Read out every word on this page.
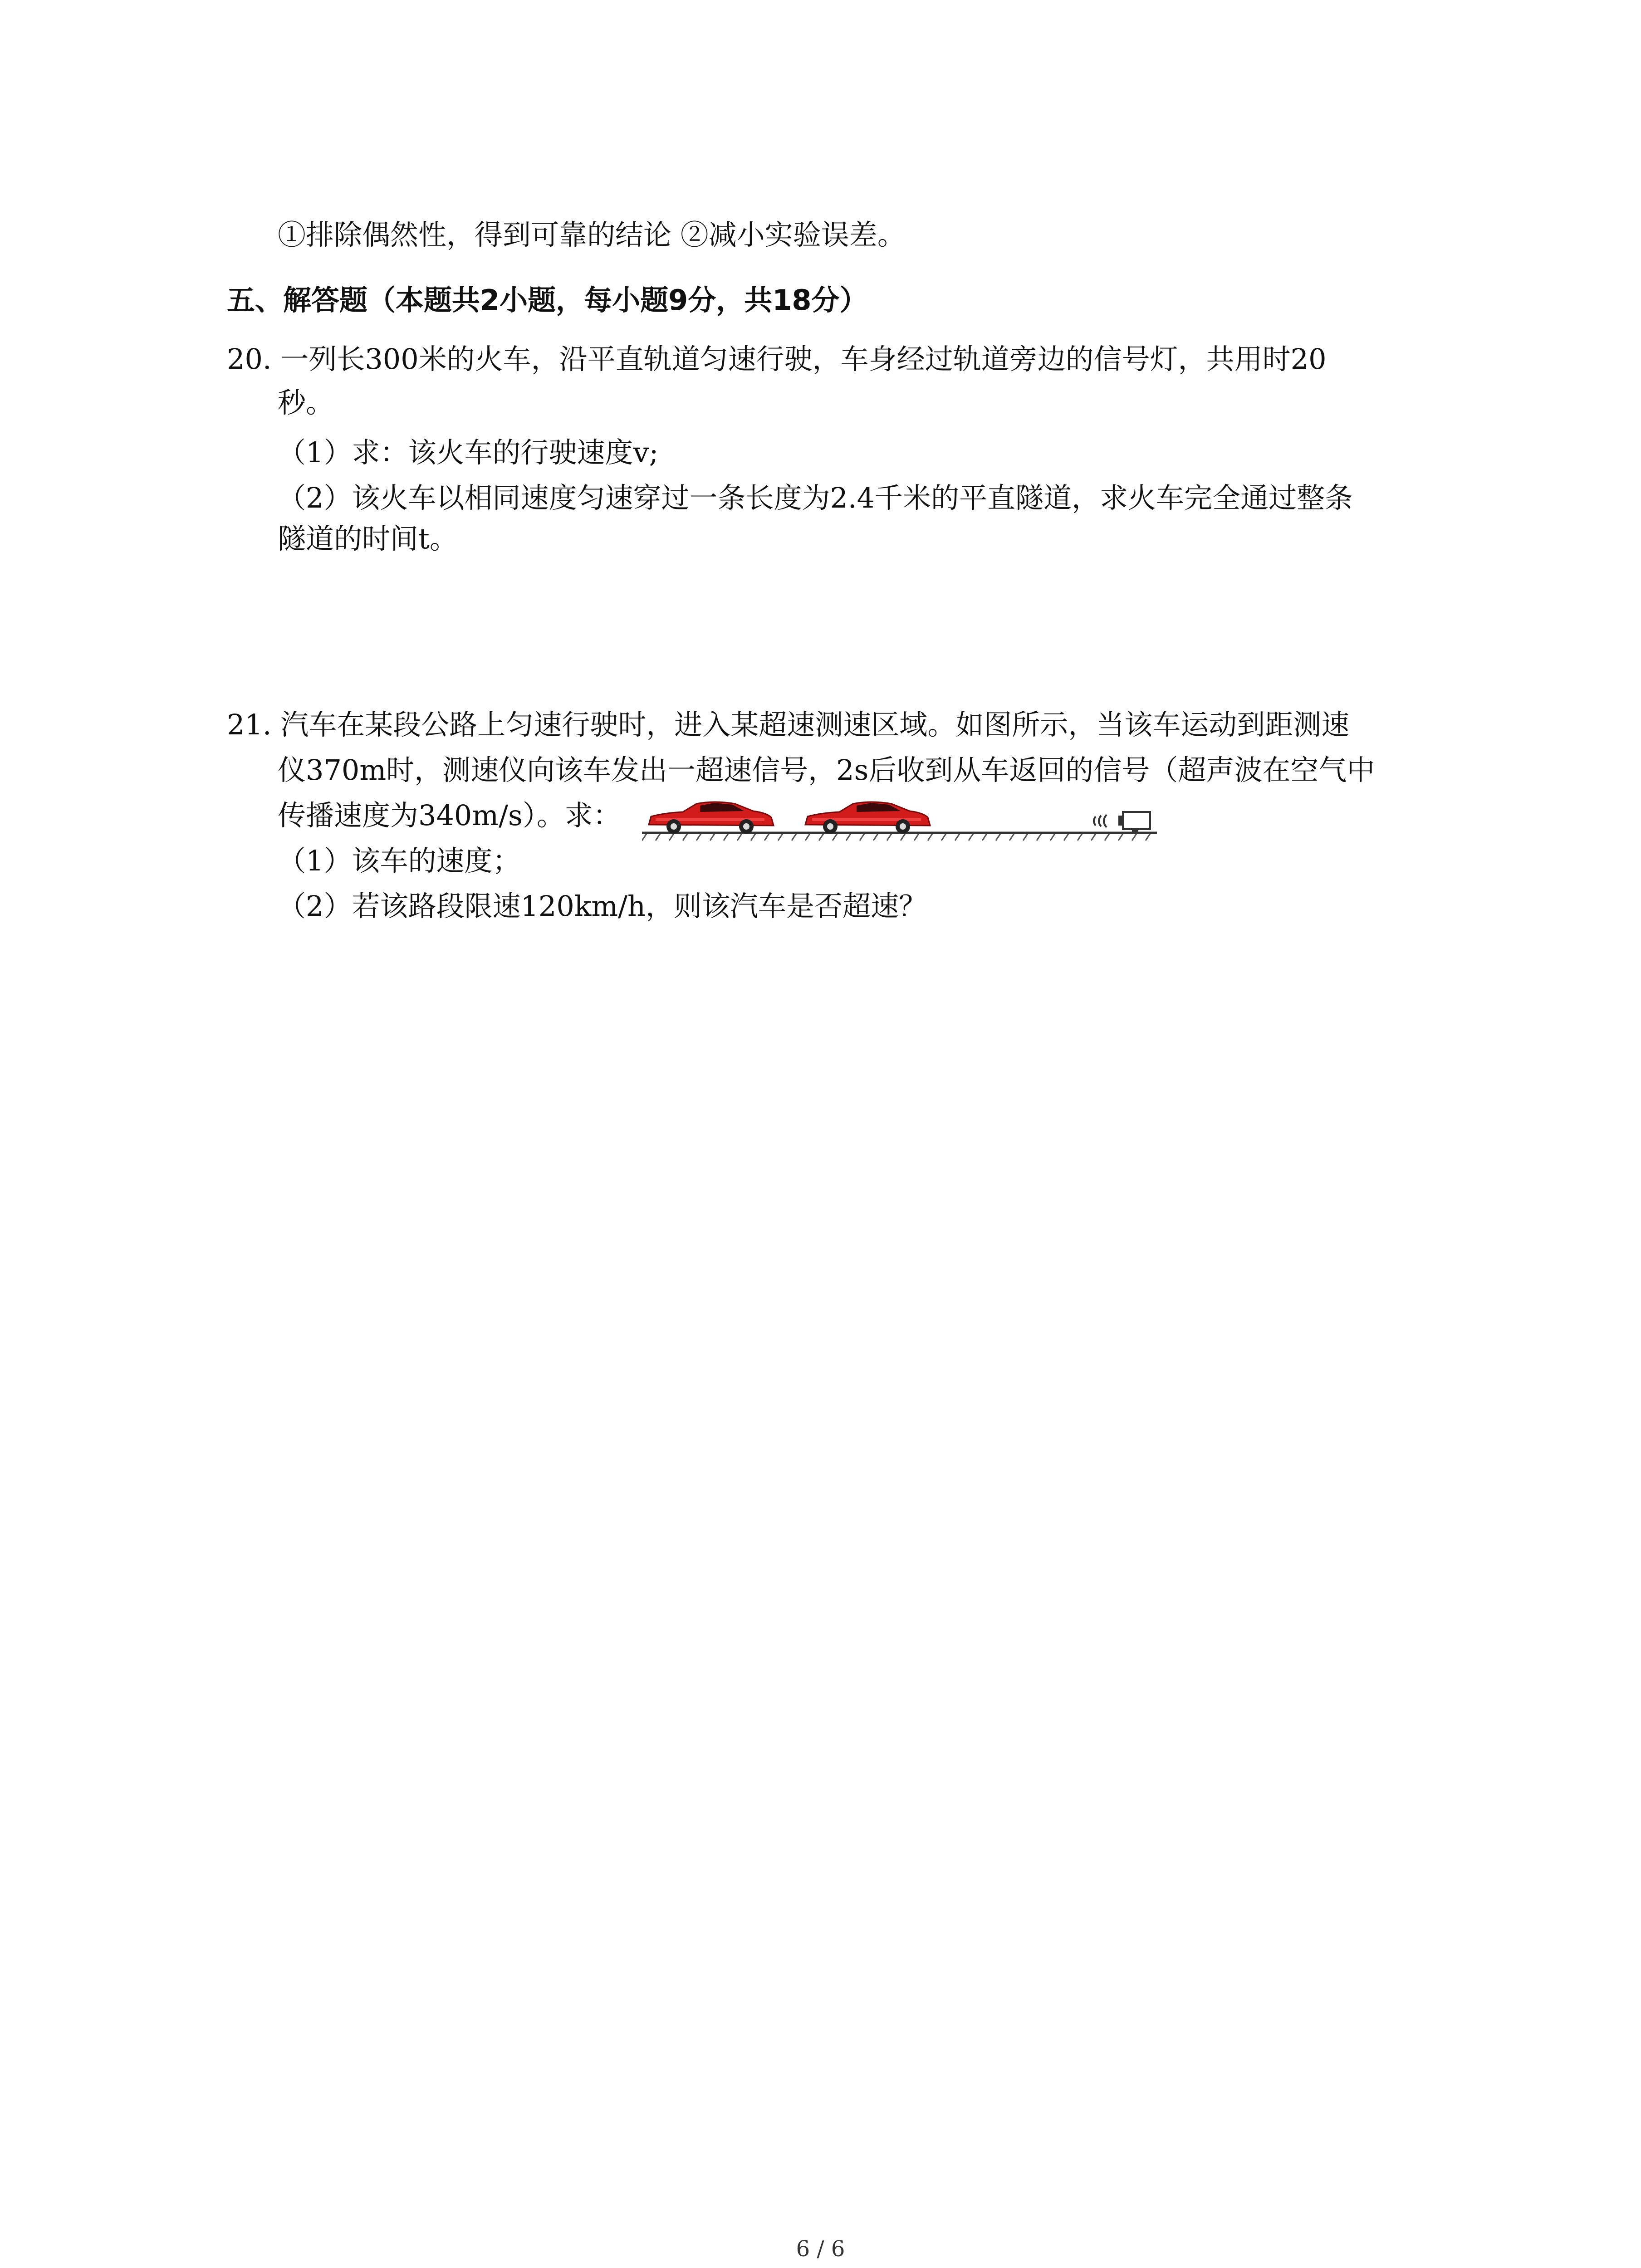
①排除偶然性，得到可靠的结论 ②减小实验误差。
五、解答题（本题共2小题，每小题9分，共18分）
20. 一列长300米的火车，沿平直轨道匀速行驶，车身经过轨道旁边的信号灯，共用时20
秒。
（1）求：该火车的行驶速度v;
（2）该火车以相同速度匀速穿过一条长度为2.4千米的平直隧道，求火车完全通过整条
隧道的时间t。
21. 汽车在某段公路上匀速行驶时，进入某超速测速区域。如图所示，当该车运动到距测速
仪370m时，测速仪向该车发出一超速信号，2s后收到从车返回的信号（超声波在空气中
传播速度为340m/s）。求：
（1）该车的速度；
（2）若该路段限速120km/h，则该汽车是否超速？
6 / 6
